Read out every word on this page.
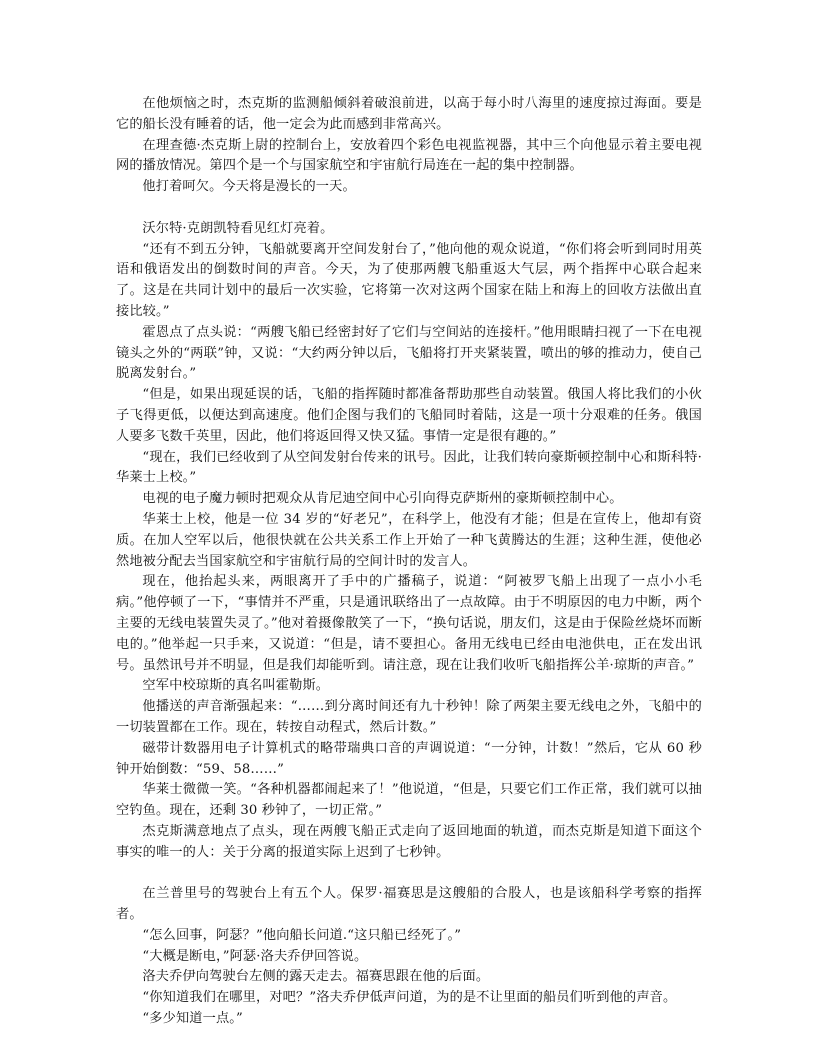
在他烦恼之时，杰克斯的监测船倾斜着破浪前进，以高于每小时八海里的速度掠过海面。要是它的船长没有睡着的话，他一定会为此而感到非常高兴。

在理查德·杰克斯上尉的控制台上，安放着四个彩色电视监视器，其中三个向他显示着主要电视网的播放情况。第四个是一个与国家航空和宇宙航行局连在一起的集中控制器。

他打着呵欠。今天将是漫长的一天。

沃尔特·克朗凯特看见红灯亮着。

“还有不到五分钟，飞船就要离开空间发射台了，”他向他的观众说道，“你们将会听到同时用英语和俄语发出的倒数时间的声音。今天，为了使那两艘飞船重返大气层，两个指挥中心联合起来了。这是在共同计划中的最后一次实验，它将第一次对这两个国家在陆上和海上的回收方法做出直接比较。”

霍恩点了点头说：“两艘飞船已经密封好了它们与空间站的连接杆。”他用眼睛扫视了一下在电视镜头之外的“两联”钟，又说：“大约两分钟以后，飞船将打开夹紧装置，喷出的够的推动力，使自己脱离发射台。”

“但是，如果出现延误的话，飞船的指挥随时都准备帮助那些自动装置。俄国人将比我们的小伙子飞得更低，以便达到高速度。他们企图与我们的飞船同时着陆，这是一项十分艰难的任务。俄国人要多飞数千英里，因此，他们将返回得又快又猛。事情一定是很有趣的。”

“现在，我们已经收到了从空间发射台传来的讯号。因此，让我们转向豪斯顿控制中心和斯科特·华莱士上校。”

电视的电子魔力顿时把观众从肯尼迪空间中心引向得克萨斯州的豪斯顿控制中心。

华莱士上校，他是一位 34 岁的“好老兄”，在科学上，他没有才能；但是在宣传上，他却有资质。在加人空军以后，他很快就在公共关系工作上开始了一种飞黄腾达的生涯；这种生涯，使他必然地被分配去当国家航空和宇宙航行局的空间计时的发言人。

现在，他抬起头来，两眼离开了手中的广播稿子，说道：“阿被罗飞船上出现了一点小小毛病。”他停顿了一下，“事情并不严重，只是通讯联络出了一点故障。由于不明原因的电力中断，两个主要的无线电装置失灵了。”他对着摄像散笑了一下，“换句话说，朋友们，这是由于保险丝烧坏而断电的。”他举起一只手来，又说道：“但是，请不要担心。备用无线电已经由电池供电，正在发出讯号。虽然讯号并不明显，但是我们却能听到。请注意，现在让我们收听飞船指挥公羊·琼斯的声音。”

空军中校琼斯的真名叫霍勒斯。

他播送的声音渐强起来：“……到分离时间还有九十秒钟！除了两架主要无线电之外，飞船中的一切装置都在工作。现在，转按自动程式，然后计数。”

磁带计数器用电子计算机式的略带瑞典口音的声调说道：“一分钟，计数！”然后，它从 60 秒钟开始倒数：“59、58……”

华莱士微微一笑。“各种机器都闹起来了！”他说道，“但是，只要它们工作正常，我们就可以抽空钓鱼。现在，还剩 30 秒钟了，一切正常。”

杰克斯满意地点了点头，现在两艘飞船正式走向了返回地面的轨道，而杰克斯是知道下面这个事实的唯一的人：关于分离的报道实际上迟到了七秒钟。

在兰普里号的驾驶台上有五个人。保罗·福赛思是这艘船的合股人，也是该船科学考察的指挥者。

“怎么回事，阿瑟？”他向船长问道.“这只船已经死了。”

“大概是断电，”阿瑟·洛夫乔伊回答说。

洛夫乔伊向驾驶台左侧的露天走去。福赛思跟在他的后面。

“你知道我们在哪里，对吧？”洛夫乔伊低声问道，为的是不让里面的船员们听到他的声音。

“多少知道一点。”
